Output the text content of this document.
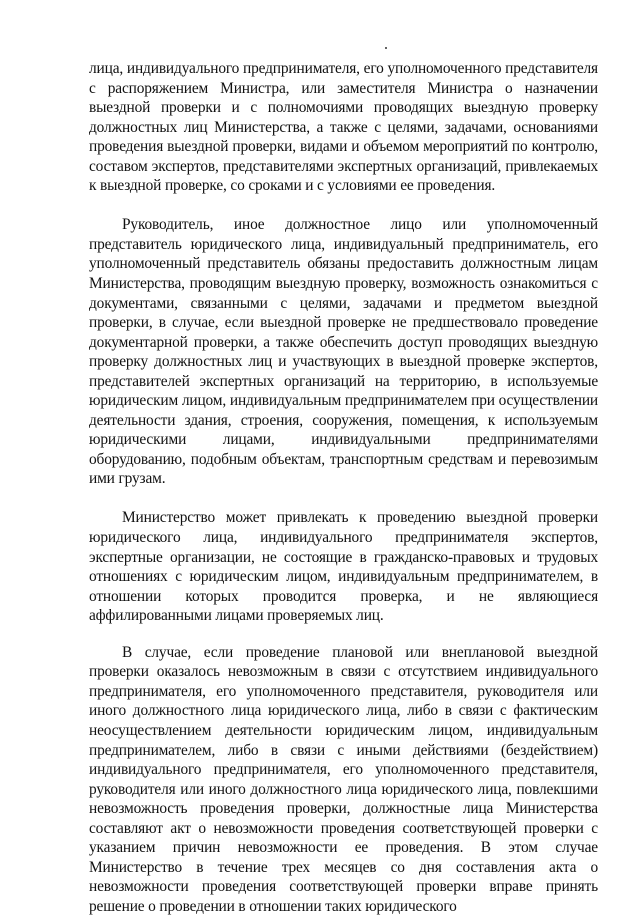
лица, индивидуального предпринимателя, его уполномоченного представителя с распоряжением Министра, или заместителя Министра о назначении выездной проверки и с полномочиями проводящих выездную проверку должностных лиц Министерства, а также с целями, задачами, основаниями проведения выездной проверки, видами и объемом мероприятий по контролю, составом экспертов, представителями экспертных организаций, привлекаемых к выездной проверке, со сроками и с условиями ее проведения.

Руководитель, иное должностное лицо или уполномоченный представитель юридического лица, индивидуальный предприниматель, его уполномоченный представитель обязаны предоставить должностным лицам Министерства, проводящим выездную проверку, возможность ознакомиться с документами, связанными с целями, задачами и предметом выездной проверки, в случае, если выездной проверке не предшествовало проведение документарной проверки, а также обеспечить доступ проводящих выездную проверку должностных лиц и участвующих в выездной проверке экспертов, представителей экспертных организаций на территорию, в используемые юридическим лицом, индивидуальным предпринимателем при осуществлении деятельности здания, строения, сооружения, помещения, к используемым юридическими лицами, индивидуальными предпринимателями оборудованию, подобным объектам, транспортным средствам и перевозимым ими грузам.

Министерство может привлекать к проведению выездной проверки юридического лица, индивидуального предпринимателя экспертов, экспертные организации, не состоящие в гражданско-правовых и трудовых отношениях с юридическим лицом, индивидуальным предпринимателем, в отношении которых проводится проверка, и не являющиеся аффилированными лицами проверяемых лиц.

В случае, если проведение плановой или внеплановой выездной проверки оказалось невозможным в связи с отсутствием индивидуального предпринимателя, его уполномоченного представителя, руководителя или иного должностного лица юридического лица, либо в связи с фактическим неосуществлением деятельности юридическим лицом, индивидуальным предпринимателем, либо в связи с иными действиями (бездействием) индивидуального предпринимателя, его уполномоченного представителя, руководителя или иного должностного лица юридического лица, повлекшими невозможность проведения проверки, должностные лица Министерства составляют акт о невозможности проведения соответствующей проверки с указанием причин невозможности ее проведения. В этом случае Министерство в течение трех месяцев со дня составления акта о невозможности проведения соответствующей проверки вправе принять решение о проведении в отношении таких юридического
